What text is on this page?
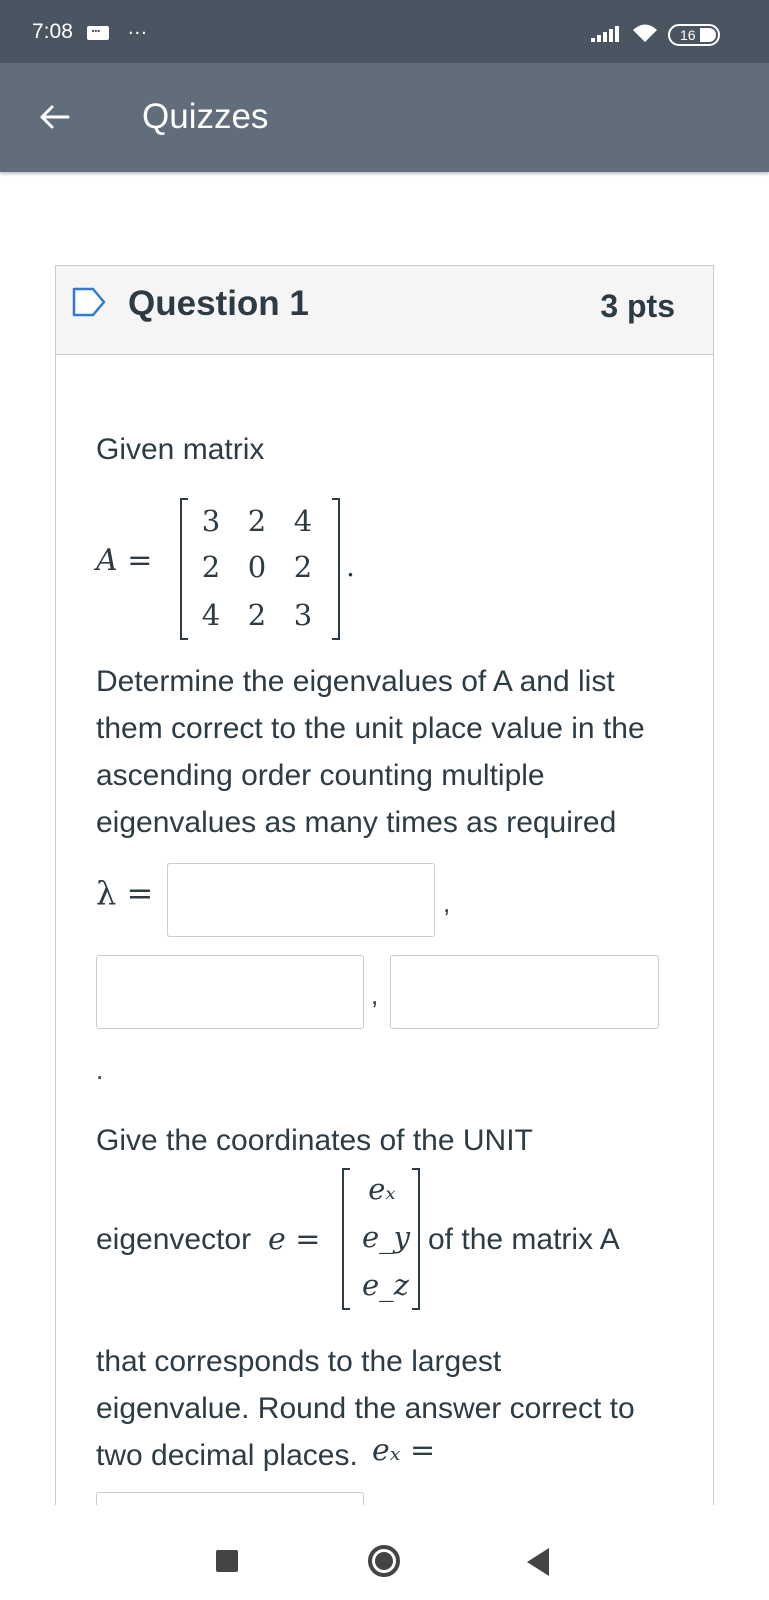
7:08
...	...	16
Quizzes
Question 1	3 pts
Given matrix
A =
3 2 4
2 0 2
4 2 3
.
Determine the eigenvalues of A and list them correct to the unit place value in the ascending order counting multiple eigenvalues as many times as required
λ =	,
,
.
Give the coordinates of the UNIT
eigenvector e =
eₓ
e_y
e_z
of the matrix A
that corresponds to the largest eigenvalue. Round the answer correct to two decimal places. eₓ =
